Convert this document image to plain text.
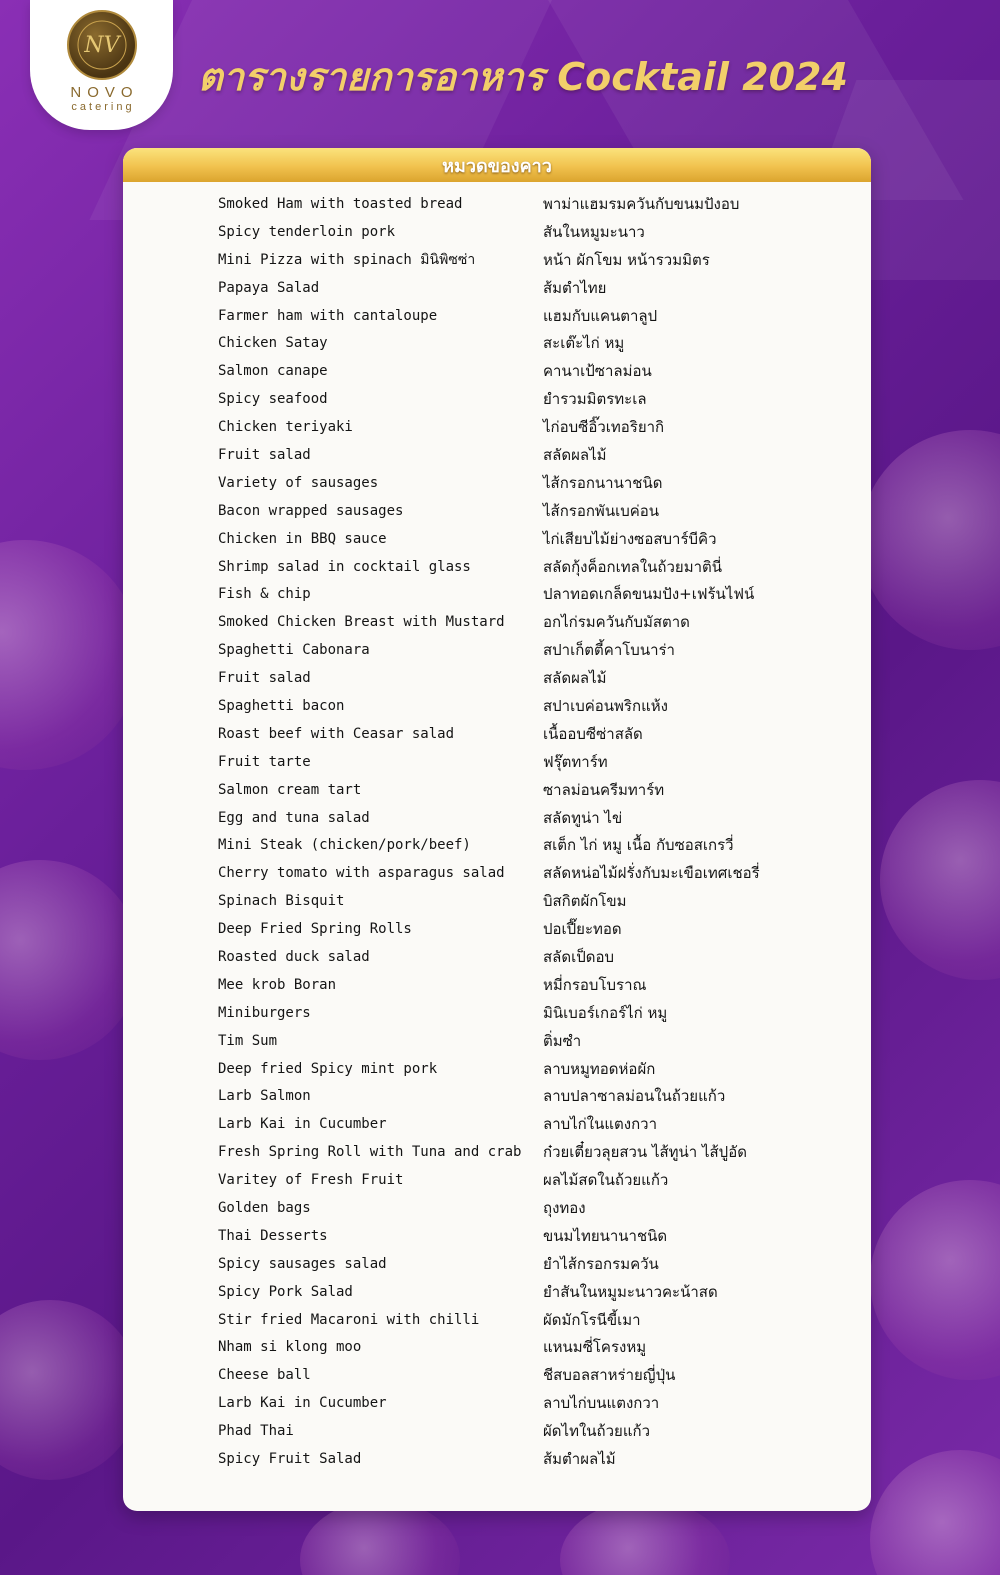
NV
NOVO
catering
ตารางรายการอาหาร Cocktail 2024
หมวดของคาว
Smoked Ham with toasted bread	พาม่าแฮมรมควันกับขนมปังอบ
Spicy tenderloin pork	สันในหมูมะนาว
Mini Pizza with spinach มินิพิซซ่า	หน้า ผักโขม หน้ารวมมิตร
Papaya Salad	ส้มตำไทย
Farmer ham with cantaloupe	แฮมกับแคนตาลูป
Chicken Satay	สะเต๊ะไก่ หมู
Salmon canape	คานาเป้ซาลม่อน
Spicy seafood	ยำรวมมิตรทะเล
Chicken teriyaki	ไก่อบซีอิ๊วเทอริยากิ
Fruit salad	สลัดผลไม้
Variety of sausages	ไส้กรอกนานาชนิด
Bacon wrapped sausages	ไส้กรอกพันเบค่อน
Chicken in BBQ sauce	ไก่เสียบไม้ย่างซอสบาร์บีคิว
Shrimp salad in cocktail glass	สลัดกุ้งค็อกเทลในถ้วยมาตินี่
Fish & chip	ปลาทอดเกล็ดขนมปัง+เฟร้นไฟน์
Smoked Chicken Breast with Mustard	อกไก่รมควันกับมัสตาด
Spaghetti Cabonara	สปาเก็ตตี้คาโบนาร่า
Fruit salad	สลัดผลไม้
Spaghetti bacon	สปาเบค่อนพริกแห้ง
Roast beef with Ceasar salad	เนื้ออบซีซ่าสลัด
Fruit tarte	ฟรุ๊ตทาร์ท
Salmon cream tart	ซาลม่อนครีมทาร์ท
Egg and tuna salad	สลัดทูน่า ไข่
Mini Steak (chicken/pork/beef)	สเต็ก ไก่ หมู เนื้อ กับซอสเกรวี่
Cherry tomato with asparagus salad	สลัดหน่อไม้ฝรั่งกับมะเขือเทศเชอรี่
Spinach Bisquit	บิสกิตผักโขม
Deep Fried Spring Rolls	ปอเปี๊ยะทอด
Roasted duck salad	สลัดเป็ดอบ
Mee krob Boran	หมี่กรอบโบราณ
Miniburgers	มินิเบอร์เกอร์ไก่ หมู
Tim Sum	ติ่มซำ
Deep fried Spicy mint pork	ลาบหมูทอดห่อผัก
Larb Salmon	ลาบปลาซาลม่อนในถ้วยแก้ว
Larb Kai in Cucumber	ลาบไก่ในแตงกวา
Fresh Spring Roll with Tuna and crab	ก๋วยเตี๋ยวลุยสวน ไส้ทูน่า ไส้ปูอัด
Varitey of Fresh Fruit	ผลไม้สดในถ้วยแก้ว
Golden bags	ถุงทอง
Thai Desserts	ขนมไทยนานาชนิด
Spicy sausages salad	ยำไส้กรอกรมควัน
Spicy Pork Salad	ยำสันในหมูมะนาวคะน้าสด
Stir fried Macaroni with chilli	ผัดมักโรนีขี้เมา
Nham si klong moo	แหนมซี่โครงหมู
Cheese ball	ชีสบอลสาหร่ายญี่ปุ่น
Larb Kai in Cucumber	ลาบไก่บนแตงกวา
Phad Thai	ผัดไทในถ้วยแก้ว
Spicy Fruit Salad	ส้มตำผลไม้
